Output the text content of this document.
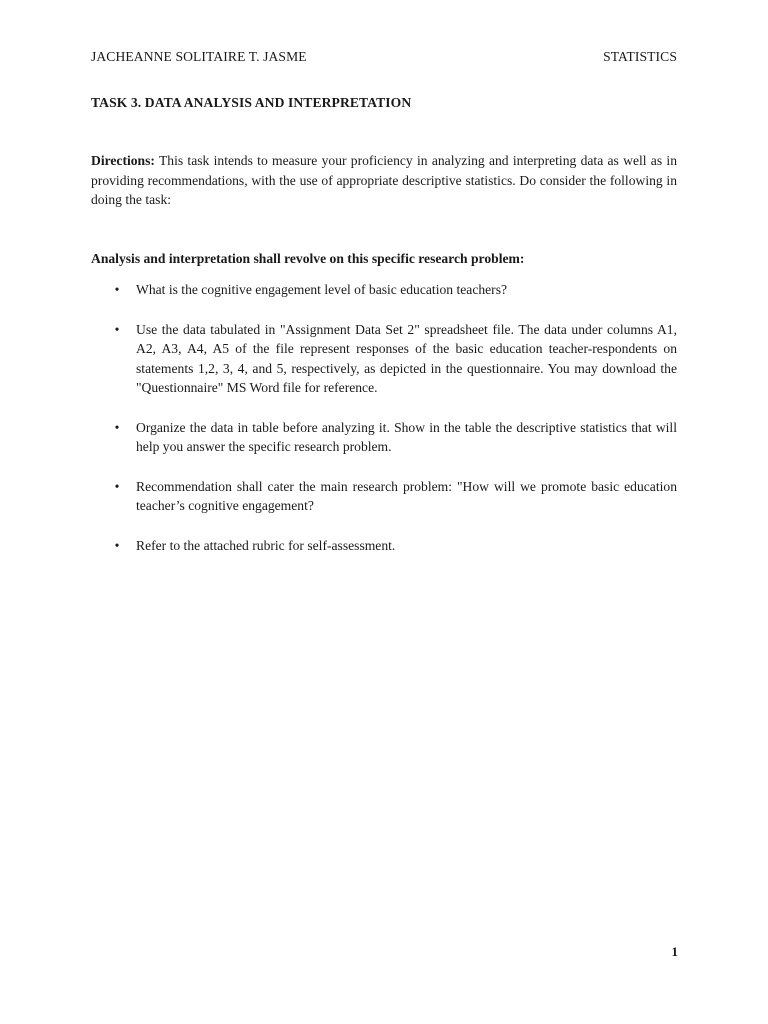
JACHEANNE SOLITAIRE T. JASME	STATISTICS
TASK 3. DATA ANALYSIS AND INTERPRETATION
Directions: This task intends to measure your proficiency in analyzing and interpreting data as well as in providing recommendations, with the use of appropriate descriptive statistics. Do consider the following in doing the task:
Analysis and interpretation shall revolve on this specific research problem:
• What is the cognitive engagement level of basic education teachers?
• Use the data tabulated in "Assignment Data Set 2" spreadsheet file. The data under columns A1, A2, A3, A4, A5 of the file represent responses of the basic education teacher-respondents on statements 1,2, 3, 4, and 5, respectively, as depicted in the questionnaire. You may download the "Questionnaire" MS Word file for reference.
• Organize the data in table before analyzing it. Show in the table the descriptive statistics that will help you answer the specific research problem.
• Recommendation shall cater the main research problem: "How will we promote basic education teacher’s cognitive engagement?
• Refer to the attached rubric for self-assessment.
1
